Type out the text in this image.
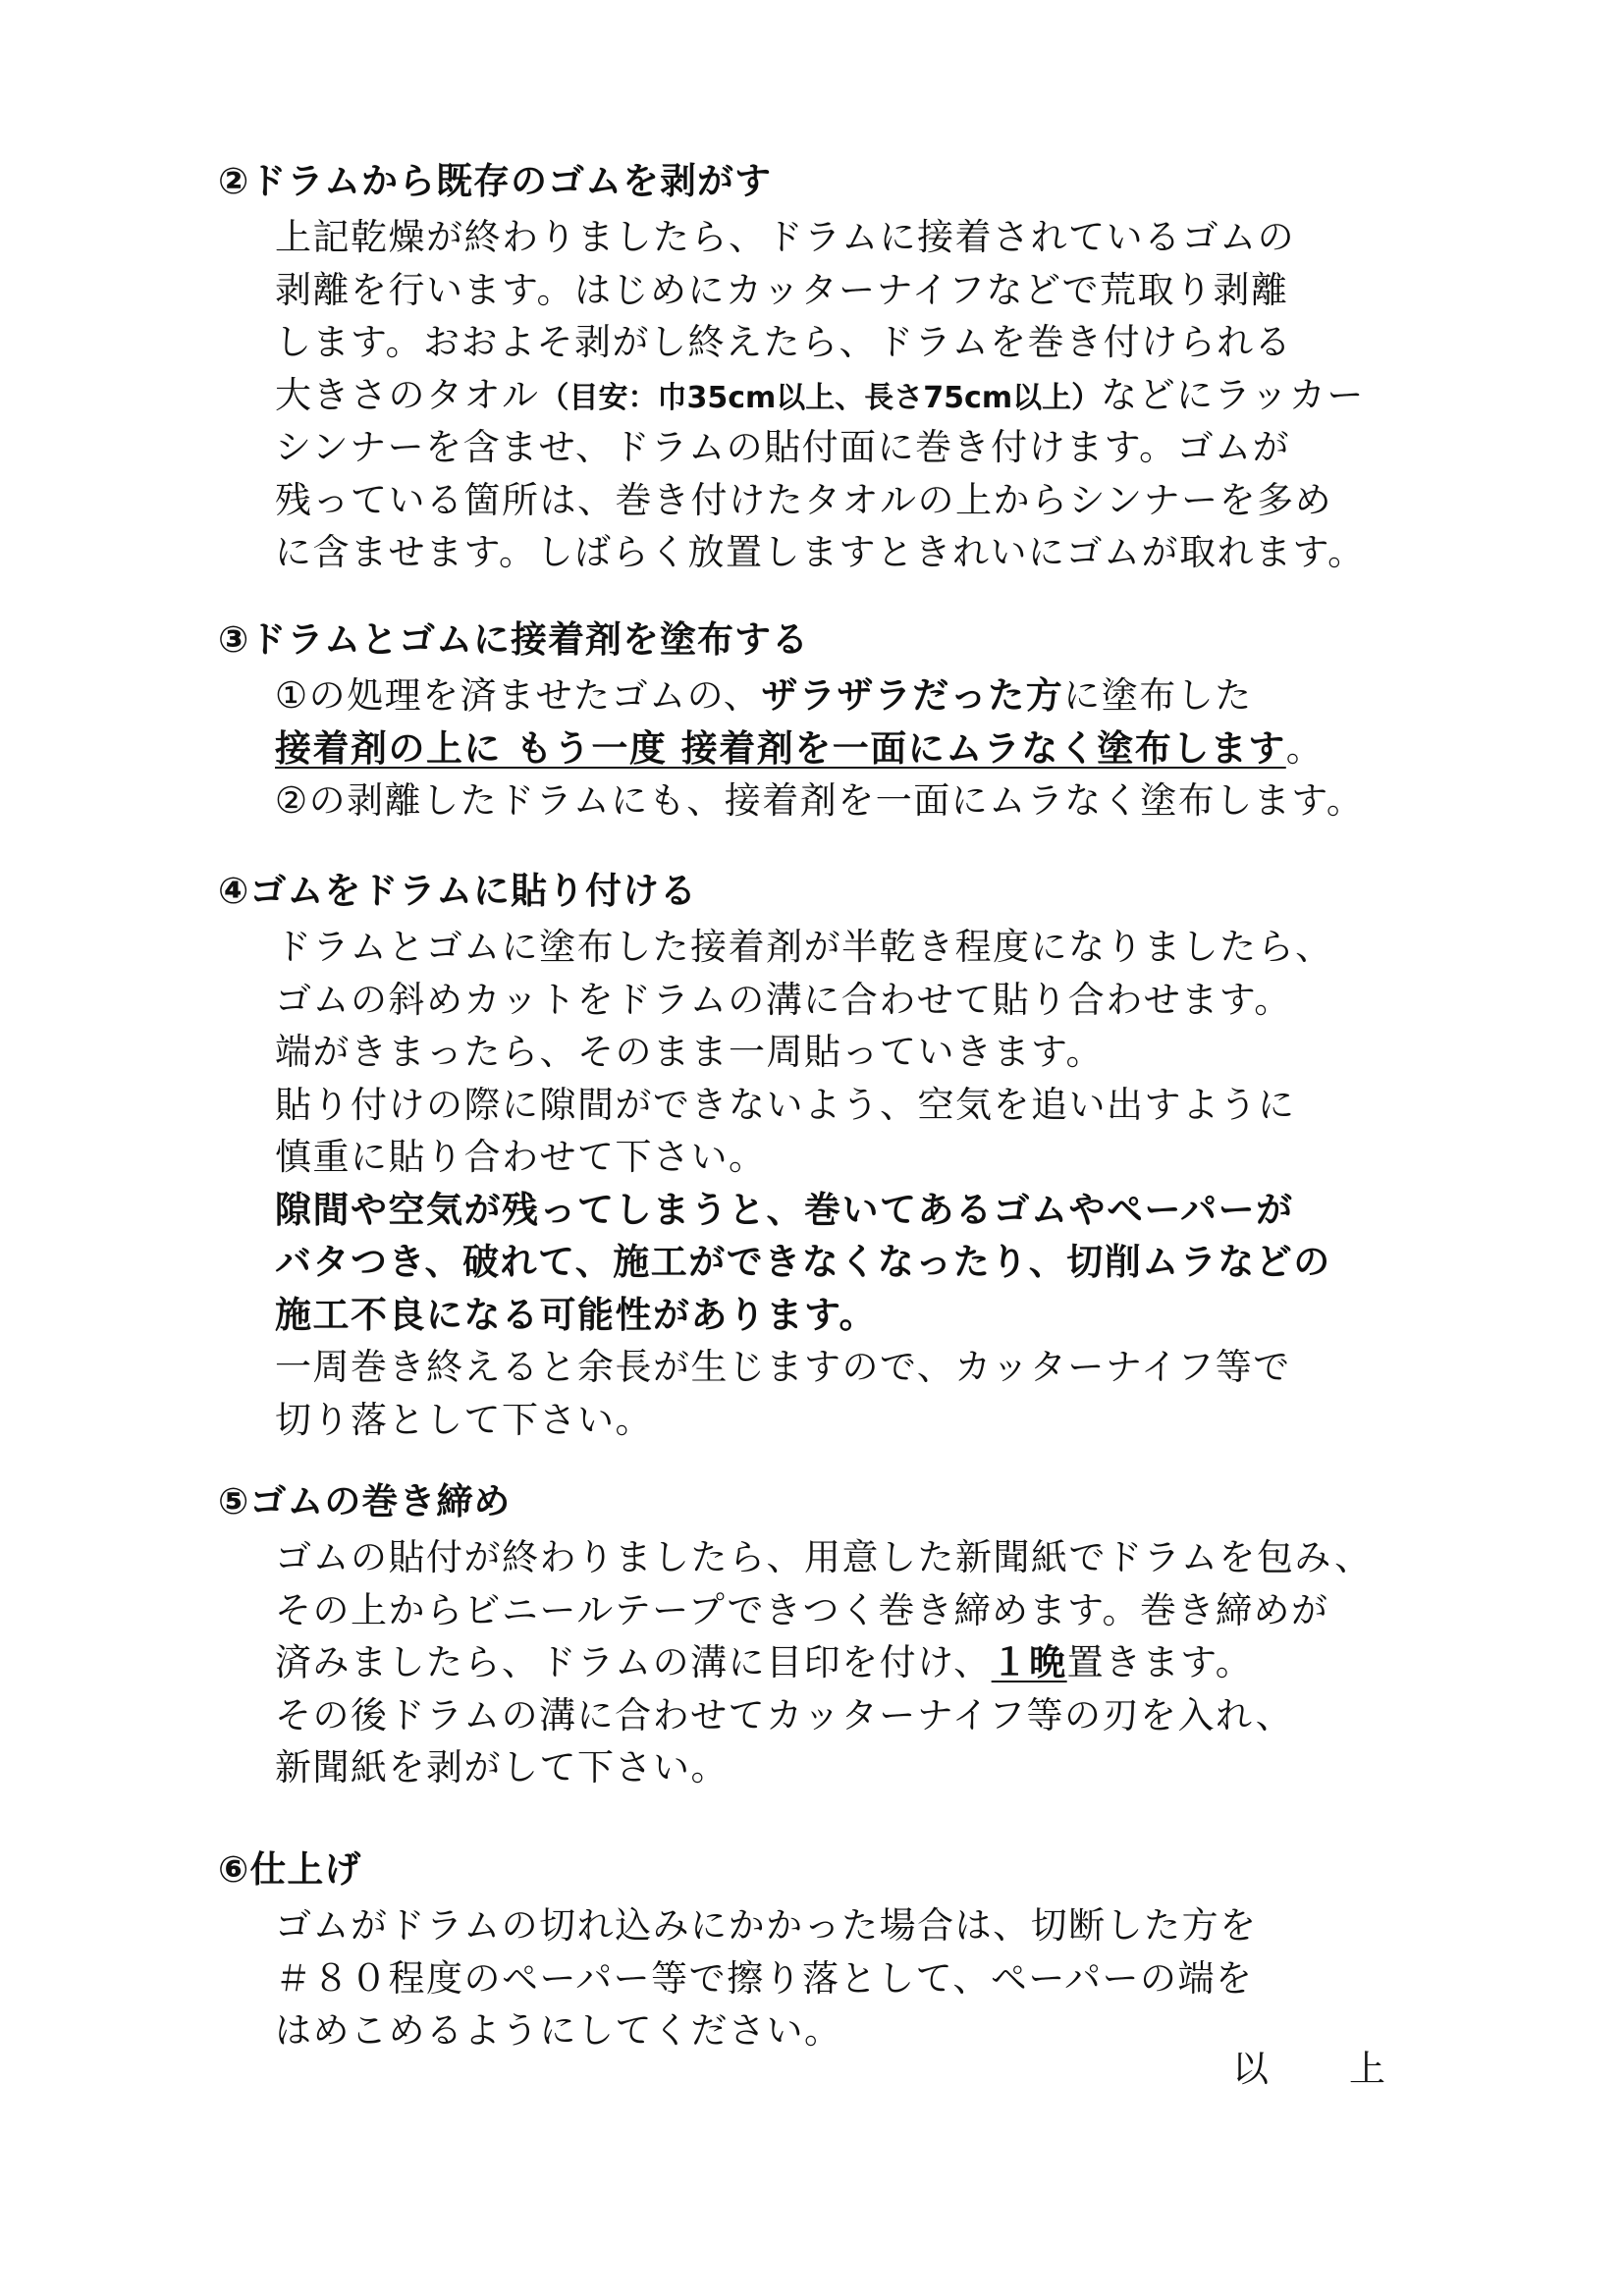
②ドラムから既存のゴムを剥がす
上記乾燥が終わりましたら、ドラムに接着されているゴムの
剥離を行います。はじめにカッターナイフなどで荒取り剥離
します。おおよそ剥がし終えたら、ドラムを巻き付けられる
大きさのタオル（目安：巾35cm以上、長さ75cm以上）などにラッカー
シンナーを含ませ、ドラムの貼付面に巻き付けます。ゴムが
残っている箇所は、巻き付けたタオルの上からシンナーを多め
に含ませます。しばらく放置しますときれいにゴムが取れます。
③ドラムとゴムに接着剤を塗布する
①の処理を済ませたゴムの、ザラザラだった方に塗布した
接着剤の上に もう一度 接着剤を一面にムラなく塗布します。
②の剥離したドラムにも、接着剤を一面にムラなく塗布します。
④ゴムをドラムに貼り付ける
ドラムとゴムに塗布した接着剤が半乾き程度になりましたら、
ゴムの斜めカットをドラムの溝に合わせて貼り合わせます。
端がきまったら、そのまま一周貼っていきます。
貼り付けの際に隙間ができないよう、空気を追い出すように
慎重に貼り合わせて下さい。
隙間や空気が残ってしまうと、巻いてあるゴムやペーパーが
バタつき、破れて、施工ができなくなったり、切削ムラなどの
施工不良になる可能性があります。
一周巻き終えると余長が生じますので、カッターナイフ等で
切り落として下さい。
⑤ゴムの巻き締め
ゴムの貼付が終わりましたら、用意した新聞紙でドラムを包み、
その上からビニールテープできつく巻き締めます。巻き締めが
済みましたら、ドラムの溝に目印を付け、１晩置きます。
その後ドラムの溝に合わせてカッターナイフ等の刃を入れ、
新聞紙を剥がして下さい。
⑥仕上げ
ゴムがドラムの切れ込みにかかった場合は、切断した方を
＃８０程度のペーパー等で擦り落として、ペーパーの端を
はめこめるようにしてください。
以 上
